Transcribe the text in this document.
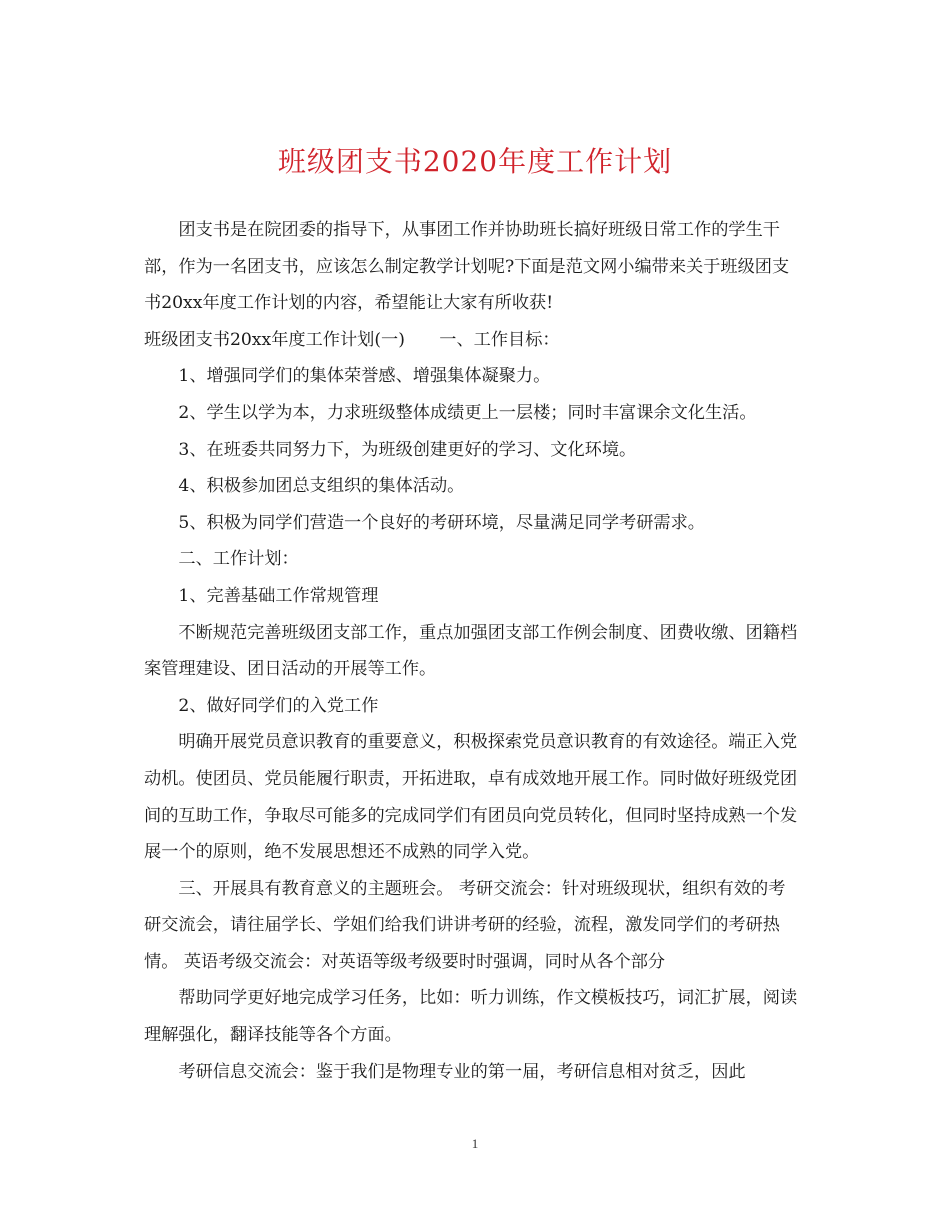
班级团支书2020年度工作计划

团支书是在院团委的指导下，从事团工作并协助班长搞好班级日常工作的学生干部，作为一名团支书，应该怎么制定教学计划呢?下面是范文网小编带来关于班级团支书20xx年度工作计划的内容，希望能让大家有所收获!

班级团支书20xx年度工作计划(一)　　一、工作目标：

1、增强同学们的集体荣誉感、增强集体凝聚力。

2、学生以学为本，力求班级整体成绩更上一层楼；同时丰富课余文化生活。

3、在班委共同努力下，为班级创建更好的学习、文化环境。

4、积极参加团总支组织的集体活动。

5、积极为同学们营造一个良好的考研环境，尽量满足同学考研需求。

二、工作计划：

1、完善基础工作常规管理

不断规范完善班级团支部工作，重点加强团支部工作例会制度、团费收缴、团籍档案管理建设、团日活动的开展等工作。

2、做好同学们的入党工作

明确开展党员意识教育的重要意义，积极探索党员意识教育的有效途径。端正入党动机。使团员、党员能履行职责，开拓进取，卓有成效地开展工作。同时做好班级党团间的互助工作，争取尽可能多的完成同学们有团员向党员转化，但同时坚持成熟一个发展一个的原则，绝不发展思想还不成熟的同学入党。

三、开展具有教育意义的主题班会。 考研交流会：针对班级现状，组织有效的考研交流会，请往届学长、学姐们给我们讲讲考研的经验，流程，激发同学们的考研热情。 英语考级交流会：对英语等级考级要时时强调，同时从各个部分

帮助同学更好地完成学习任务，比如：听力训练，作文模板技巧，词汇扩展，阅读理解强化，翻译技能等各个方面。

考研信息交流会：鉴于我们是物理专业的第一届，考研信息相对贫乏，因此

1
